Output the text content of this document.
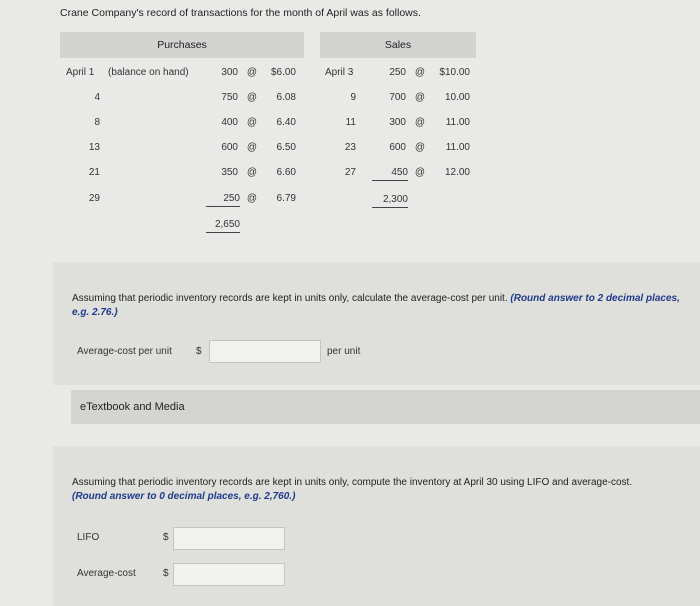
Crane Company's record of transactions for the month of April was as follows.
Purchases	Sales
April 1 (balance on hand)	300 @	$6.00
4	750 @	6.08
8	400 @	6.40
13	600 @	6.50
21	350 @	6.60
29	250 @	6.79
2,650
April 3	250 @	$10.00
9	700 @	10.00
11	300 @	11.00
23	600 @	11.00
27	450 @	12.00
2,300
Assuming that periodic inventory records are kept in units only, calculate the average-cost per unit. (Round answer to 2 decimal places, e.g. 2.76.)
Average-cost per unit $	per unit
eTextbook and Media
Assuming that periodic inventory records are kept in units only, compute the inventory at April 30 using LIFO and average-cost.
(Round answer to 0 decimal places, e.g. 2,760.)
LIFO	$
Average-cost	$
